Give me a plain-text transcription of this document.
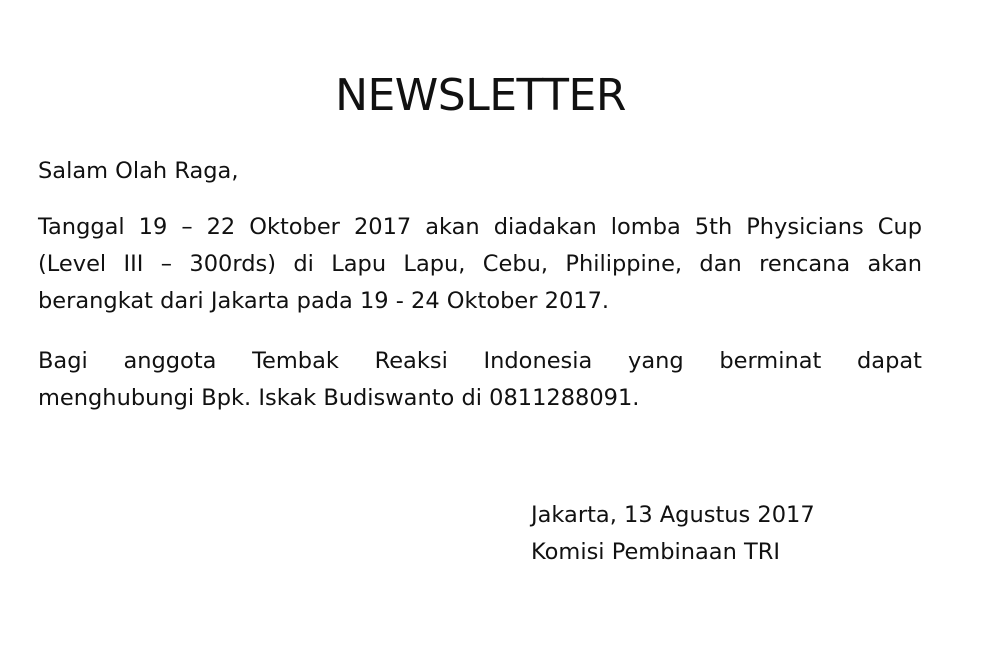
NEWSLETTER

Salam Olah Raga,

Tanggal 19 – 22 Oktober 2017 akan diadakan lomba 5th Physicians Cup
(Level III – 300rds) di Lapu Lapu, Cebu, Philippine, dan rencana akan
berangkat dari Jakarta pada 19 - 24 Oktober 2017.

Bagi anggota Tembak Reaksi Indonesia yang berminat dapat
menghubungi Bpk. Iskak Budiswanto di 0811288091.

Jakarta, 13 Agustus 2017
Komisi Pembinaan TRI
